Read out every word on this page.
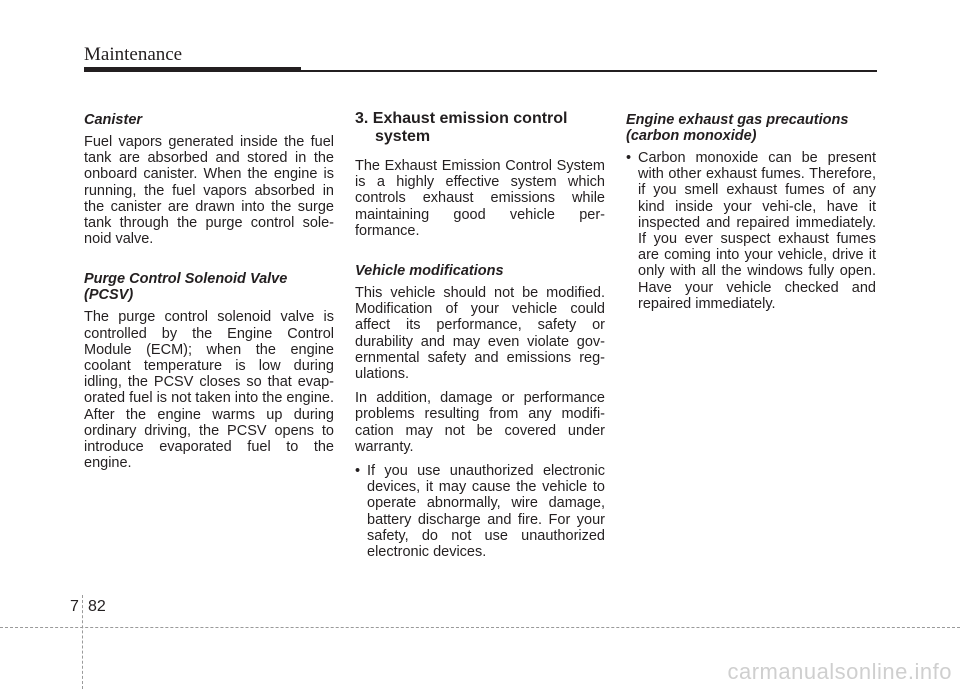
Maintenance
Canister

Fuel vapors generated inside the fuel tank are absorbed and stored in the onboard canister. When the engine is running, the fuel vapors absorbed in the canister are drawn into the surge tank through the purge control sole-noid valve.

Purge Control Solenoid Valve
(PCSV)

The purge control solenoid valve is controlled by the Engine Control Module (ECM); when the engine coolant temperature is low during idling, the PCSV closes so that evap-orated fuel is not taken into the engine. After the engine warms up during ordinary driving, the PCSV opens to introduce evaporated fuel to the engine.

3. Exhaust emission control system

The Exhaust Emission Control System is a highly effective system which controls exhaust emissions while maintaining good vehicle per-formance.

Vehicle modifications

This vehicle should not be modified. Modification of your vehicle could affect its performance, safety or durability and may even violate gov-ernmental safety and emissions reg-ulations.

In addition, damage or performance problems resulting from any modifi-cation may not be covered under warranty.

• If you use unauthorized electronic devices, it may cause the vehicle to operate abnormally, wire damage, battery discharge and fire. For your safety, do not use unauthorized electronic devices.
Engine exhaust gas precautions
(carbon monoxide)
• Carbon monoxide can be present with other exhaust fumes. Therefore, if you smell exhaust fumes of any kind inside your vehi-cle, have it inspected and repaired immediately. If you ever suspect exhaust fumes are coming into your vehicle, drive it only with all the windows fully open. Have your vehicle checked and repaired immediately.
7 82
carmanualsonline.info
